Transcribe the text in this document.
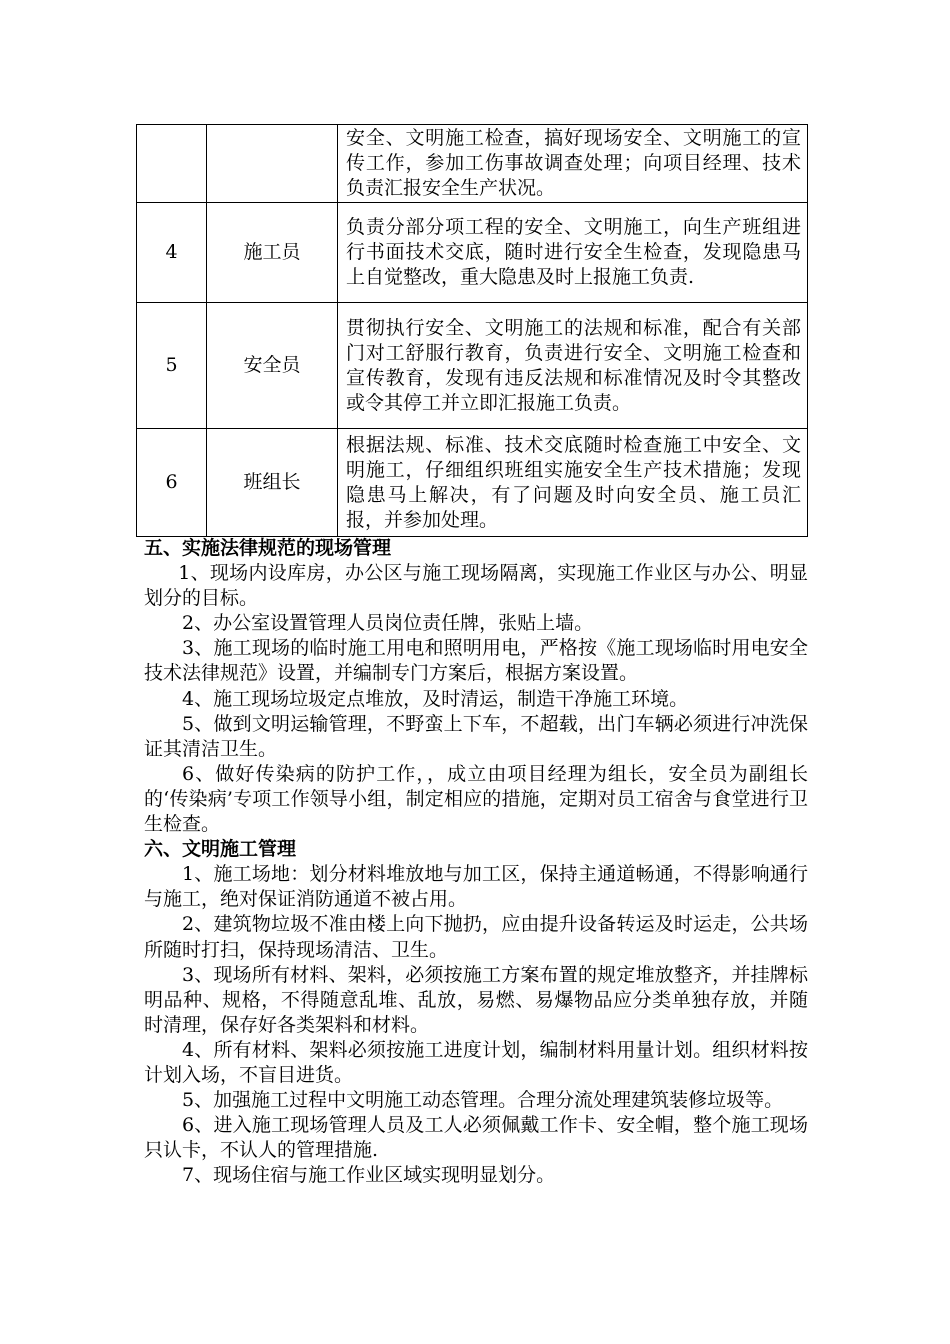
		安全、文明施工检查，搞好现场安全、文明施工的宣传工作，参加工伤事故调查处理；向项目经理、技术负责汇报安全生产状况。
4	施工员	负责分部分项工程的安全、文明施工，向生产班组进行书面技术交底，随时进行安全生检查，发现隐患马上自觉整改，重大隐患及时上报施工负责.
5	安全员	贯彻执行安全、文明施工的法规和标准，配合有关部门对工舒服行教育，负责进行安全、文明施工检查和宣传教育，发现有违反法规和标准情况及时令其整改或令其停工并立即汇报施工负责。
6	班组长	根据法规、标准、技术交底随时检查施工中安全、文明施工，仔细组织班组实施安全生产技术措施；发现隐患马上解决，有了问题及时向安全员、施工员汇报，并参加处理。
五、实施法律规范的现场管理

1、现场内设库房，办公区与施工现场隔离，实现施工作业区与办公、明显划分的目标。

2、办公室设置管理人员岗位责任牌，张贴上墙。

3、施工现场的临时施工用电和照明用电，严格按《施工现场临时用电安全技术法律规范》设置，并编制专门方案后，根据方案设置。

4、施工现场垃圾定点堆放，及时清运，制造干净施工环境。

5、做到文明运输管理，不野蛮上下车，不超载，出门车辆必须进行冲洗保证其清洁卫生。

6、做好传染病的防护工作，，成立由项目经理为组长，安全员为副组长的‘传染病’专项工作领导小组，制定相应的措施，定期对员工宿舍与食堂进行卫生检查。

六、文明施工管理

1、施工场地：划分材料堆放地与加工区，保持主通道畅通，不得影响通行与施工，绝对保证消防通道不被占用。

2、建筑物垃圾不准由楼上向下抛扔，应由提升设备转运及时运走，公共场所随时打扫，保持现场清洁、卫生。

3、现场所有材料、架料，必须按施工方案布置的规定堆放整齐，并挂牌标明品种、规格，不得随意乱堆、乱放，易燃、易爆物品应分类单独存放，并随时清理，保存好各类架料和材料。

4、所有材料、架料必须按施工进度计划，编制材料用量计划。组织材料按计划入场，不盲目进货。

5、加强施工过程中文明施工动态管理。合理分流处理建筑装修垃圾等。

6、进入施工现场管理人员及工人必须佩戴工作卡、安全帽，整个施工现场只认卡，不认人的管理措施.

7、现场住宿与施工作业区域实现明显划分。
